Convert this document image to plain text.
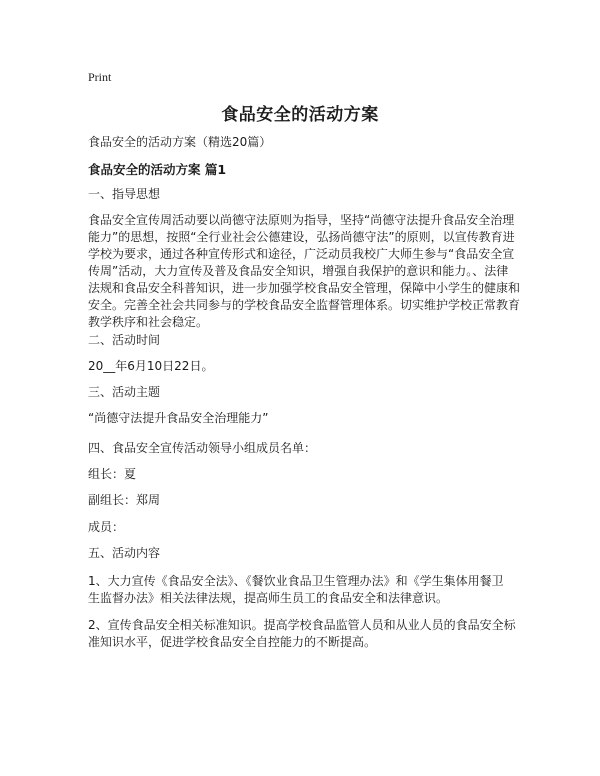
Print
食品安全的活动方案
食品安全的活动方案（精选20篇）
食品安全的活动方案 篇1

一、指导思想

食品安全宣传周活动要以尚德守法原则为指导，坚持“尚德守法提升食品安全治理
能力”的思想，按照“全行业社会公德建设，弘扬尚德守法”的原则，以宣传教育进
学校为要求，通过各种宣传形式和途径，广泛动员我校广大师生参与“食品安全宣
传周”活动，大力宣传及普及食品安全知识，增强自我保护的意识和能力。、法律
法规和食品安全科普知识，进一步加强学校食品安全管理，保障中小学生的健康和
安全。完善全社会共同参与的学校食品安全监督管理体系。切实维护学校正常教育
教学秩序和社会稳定。

二、活动时间

20__年6月10日22日。

三、活动主题

“尚德守法提升食品安全治理能力”

四、食品安全宣传活动领导小组成员名单：

组长：夏

副组长：郑周

成员：

五、活动内容

1、大力宣传《食品安全法》、《餐饮业食品卫生管理办法》和《学生集体用餐卫
生监督办法》相关法律法规，提高师生员工的食品安全和法律意识。

2、宣传食品安全相关标准知识。提高学校食品监管人员和从业人员的食品安全标
准知识水平，促进学校食品安全自控能力的不断提高。
